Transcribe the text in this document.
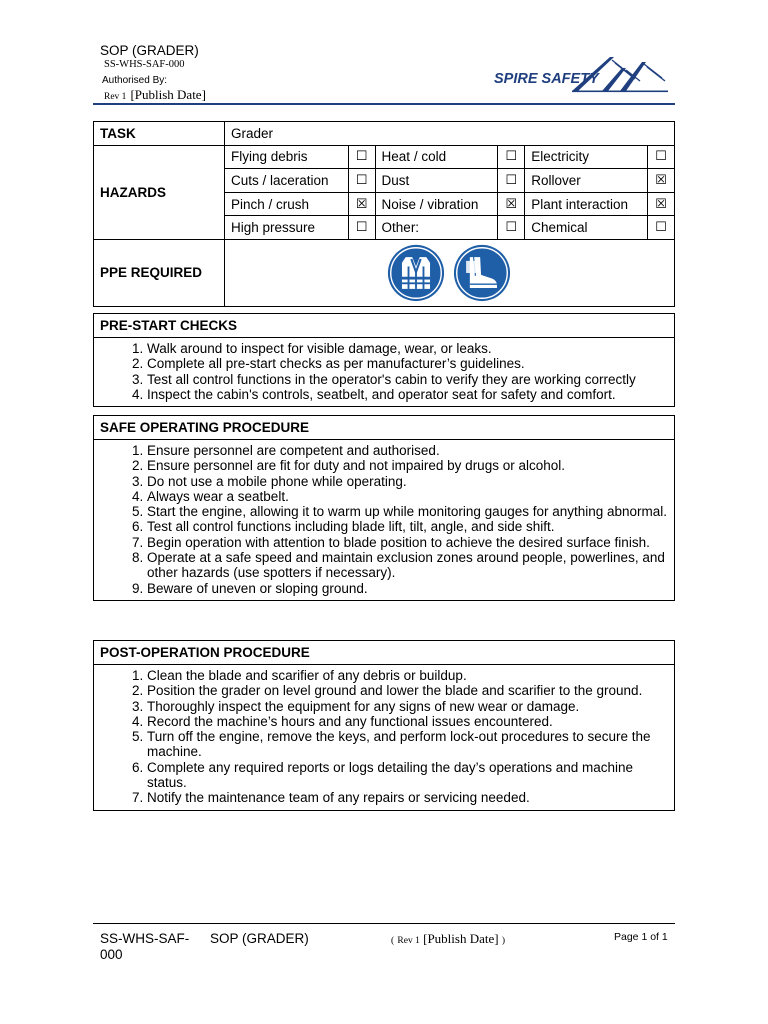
SOP (GRADER)
SS-WHS-SAF-000
Authorised By:
Rev 1 [Publish Date]
SPIRE SAFETY
TASK	Grader					
HAZARDS	Flying debris	☐	Heat / cold	☐	Electricity	☐
	Cuts / laceration	☐	Dust	☐	Rollover	☒
	Pinch / crush	☒	Noise / vibration	☒	Plant interaction	☒
	High pressure	☐	Other:	☐	Chemical	☐
PPE REQUIRED	
PRE-START CHECKS
1. Walk around to inspect for visible damage, wear, or leaks.
2. Complete all pre-start checks as per manufacturer’s guidelines.
3. Test all control functions in the operator's cabin to verify they are working correctly
4. Inspect the cabin's controls, seatbelt, and operator seat for safety and comfort.
SAFE OPERATING PROCEDURE
1. Ensure personnel are competent and authorised.
2. Ensure personnel are fit for duty and not impaired by drugs or alcohol.
3. Do not use a mobile phone while operating.
4. Always wear a seatbelt.
5. Start the engine, allowing it to warm up while monitoring gauges for anything abnormal.
6. Test all control functions including blade lift, tilt, angle, and side shift.
7. Begin operation with attention to blade position to achieve the desired surface finish.
8. Operate at a safe speed and maintain exclusion zones around people, powerlines, and other hazards (use spotters if necessary).
9. Beware of uneven or sloping ground.
POST-OPERATION PROCEDURE
1. Clean the blade and scarifier of any debris or buildup.
2. Position the grader on level ground and lower the blade and scarifier to the ground.
3. Thoroughly inspect the equipment for any signs of new wear or damage.
4. Record the machine’s hours and any functional issues encountered.
5. Turn off the engine, remove the keys, and perform lock-out procedures to secure the machine.
6. Complete any required reports or logs detailing the day’s operations and machine status.
7. Notify the maintenance team of any repairs or servicing needed.
SS-WHS-SAF-000
SOP (GRADER)	( Rev 1 [Publish Date] )	Page 1 of 1
